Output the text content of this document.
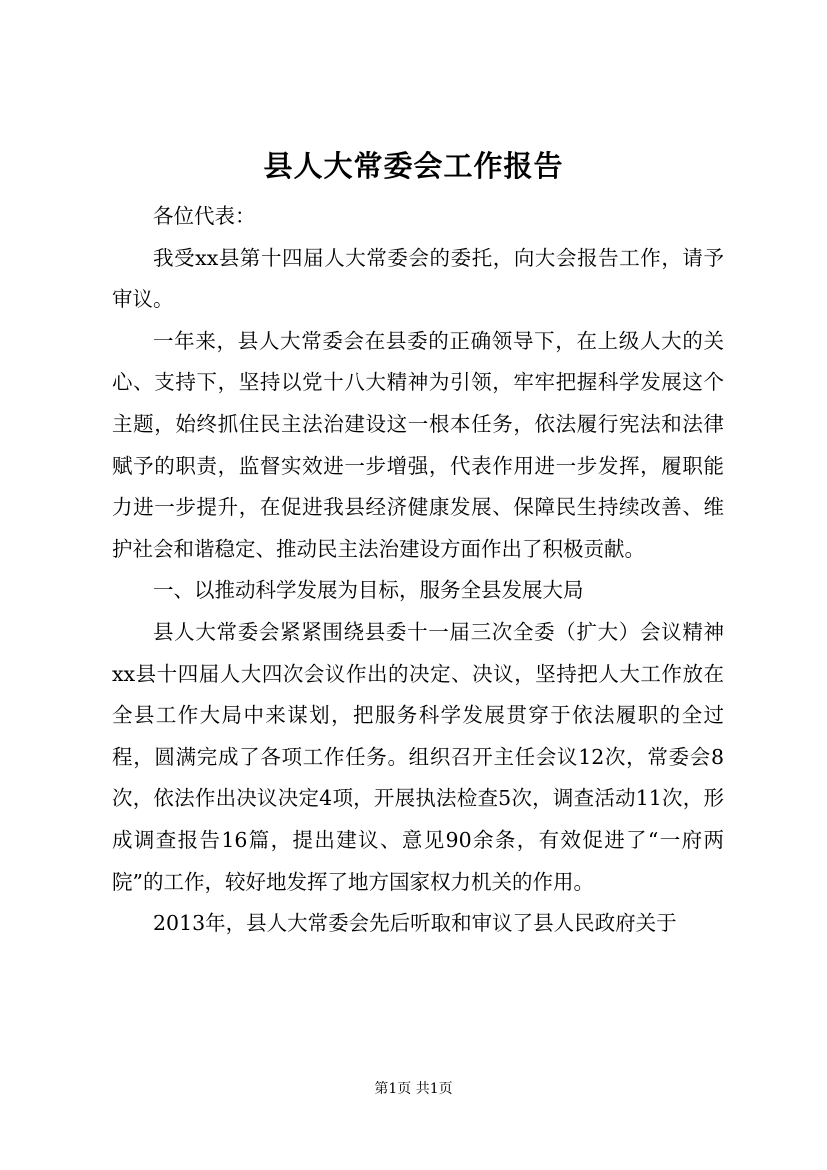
县人大常委会工作报告

各位代表：

我受xx县第十四届人大常委会的委托，向大会报告工作，请予审议。

一年来，县人大常委会在县委的正确领导下，在上级人大的关心、支持下，坚持以党十八大精神为引领，牢牢把握科学发展这个主题，始终抓住民主法治建设这一根本任务，依法履行宪法和法律赋予的职责，监督实效进一步增强，代表作用进一步发挥，履职能力进一步提升，在促进我县经济健康发展、保障民生持续改善、维护社会和谐稳定、推动民主法治建设方面作出了积极贡献。

一、以推动科学发展为目标，服务全县发展大局

县人大常委会紧紧围绕县委十一届三次全委（扩大）会议精神xx县十四届人大四次会议作出的决定、决议，坚持把人大工作放在全县工作大局中来谋划，把服务科学发展贯穿于依法履职的全过程，圆满完成了各项工作任务。组织召开主任会议12次，常委会8次，依法作出决议决定4项，开展执法检查5次，调查活动11次，形成调查报告16篇，提出建议、意见90余条，有效促进了“一府两院”的工作，较好地发挥了地方国家权力机关的作用。

2013年，县人大常委会先后听取和审议了县人民政府关于

第1页 共1页
